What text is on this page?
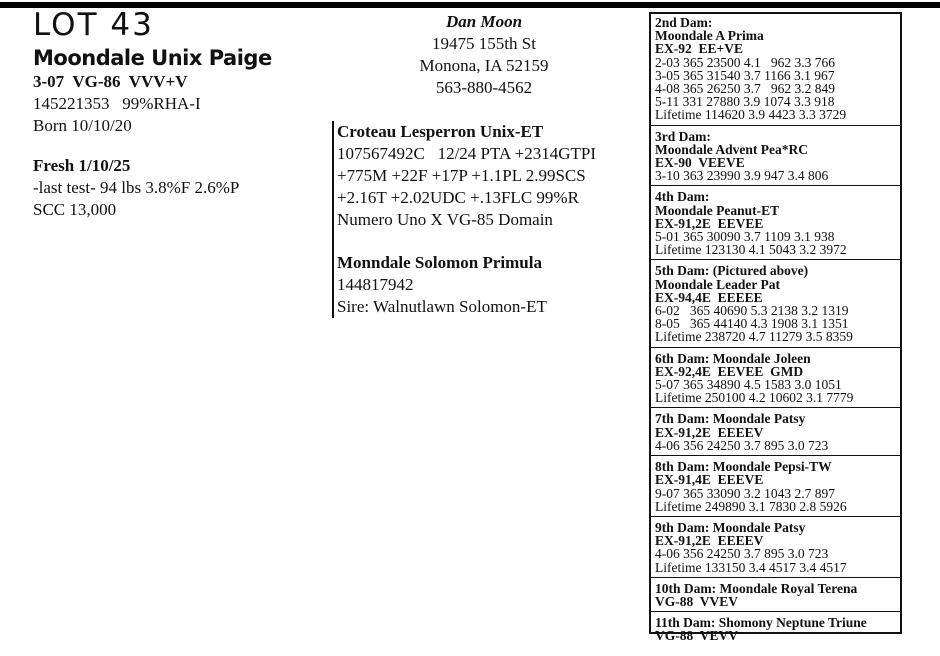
LOT 43
Moondale Unix Paige
3-07  VG-86  VVV+V
145221353   99%RHA-I
Born 10/10/20
Fresh 1/10/25
-last test- 94 lbs 3.8%F 2.6%P
SCC 13,000
Dan Moon
19475 155th St
Monona, IA 52159
563-880-4562
Croteau Lesperron Unix-ET
107567492C   12/24 PTA +2314GTPI
+775M +22F +17P +1.1PL 2.99SCS
+2.16T +2.02UDC +.13FLC 99%R
Numero Uno X VG-85 Domain
Monndale Solomon Primula
144817942
Sire: Walnutlawn Solomon-ET
2nd Dam:
Moondale A Prima
EX-92  EE+VE
2-03 365 23500 4.1   962 3.3 766
3-05 365 31540 3.7 1166 3.1 967
4-08 365 26250 3.7   962 3.2 849
5-11 331 27880 3.9 1074 3.3 918
Lifetime 114620 3.9 4423 3.3 3729
3rd Dam:
Moondale Advent Pea*RC
EX-90  VEEVE
3-10 363 23990 3.9 947 3.4 806
4th Dam:
Moondale Peanut-ET
EX-91,2E  EEVEE
5-01 365 30090 3.7 1109 3.1 938
Lifetime 123130 4.1 5043 3.2 3972
5th Dam: (Pictured above)
Moondale Leader Pat
EX-94,4E  EEEEE
6-02   365 40690 5.3 2138 3.2 1319
8-05   365 44140 4.3 1908 3.1 1351
Lifetime 238720 4.7 11279 3.5 8359
6th Dam: Moondale Joleen
EX-92,4E  EEVEE  GMD
5-07 365 34890 4.5 1583 3.0 1051
Lifetime 250100 4.2 10602 3.1 7779
7th Dam: Moondale Patsy
EX-91,2E  EEEEV
4-06 356 24250 3.7 895 3.0 723
8th Dam: Moondale Pepsi-TW
EX-91,4E  EEEVE
9-07 365 33090 3.2 1043 2.7 897
Lifetime 249890 3.1 7830 2.8 5926
9th Dam: Moondale Patsy
EX-91,2E  EEEEV
4-06 356 24250 3.7 895 3.0 723
Lifetime 133150 3.4 4517 3.4 4517
10th Dam: Moondale Royal Terena
VG-88  VVEV
11th Dam: Shomony Neptune Triune
VG-88  VEVV
